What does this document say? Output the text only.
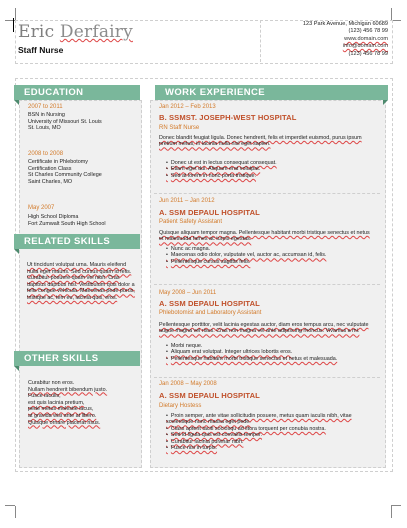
Eric Derfairy
Staff Nurse
123 Park Avenue, Michigan 60689
(123) 456 78 99
www.domain.com
info@domain.com
(123) 456 78 99
EDUCATION
2007 to 2011
BSN in Nursing
University of Missouri St. Louis
St. Louis, MO
2008 to 2008
Certificate in Phlebotomy
Certification Class
St Charles Community College
Saint Charles, MO
May 2007
High School Diploma
Fort Zumwalt South High School
RELATED SKILLS
Ut tincidunt volutpat urna. Mauris eleifend nulla eget mauris. Sed cursus quam id felis. Curabitur posuere quam vel nibh. Cras dapibus dapibus nisl. Vestibulum quis dolor a felis congue vehicula. Maecenas pede purus, tristique ac, tem eu, lacinia quis, eros.
OTHER SKILLS
Curabitur non eros.
Nullam hendrerit bibendum justo.
Fusce iaculis,
est quis lacinia pretium,
pede metus molestie lacus,
at gravida wisi ante at libero.
Quisque ornare placerat risus.
WORK EXPERIENCE
Jan 2012 – Feb 2013
B. SSMST. JOSEPH-WEST HOSPITAL
RN Staff Nurse
Donec blandit feugiat ligula. Donec hendrerit, felis et imperdiet euismod, purus ipsum pretium metus, in lacinia nulla nisl eget sapien.
• Donec ut est in lectus consequat consequat.
• Etiam eget dui. Aliquam erat volutpat.
• Sed at lorem in nunc porta tristique.
Jun 2011 – Jan 2012
A. SSM DEPAUL HOSPITAL
Patient Safety Assistant
Quisque aliquam tempor magna. Pellentesque habitant morbi tristique senectus et netus et malesuada fames ac turpis egestas.
• Nunc ac magna.
• Maecenas odio dolor, vulputate vel, auctor ac, accumsan id, felis.
• Pellentesque cursus sagittis felis.
May 2008 – Jun 2011
A. SSM DEPAUL HOSPITAL
Phlebotomist and Laboratory Assistant
Pellentesque porttitor, velit lacinia egestas auctor, diam eros tempus arcu, nec vulputate augue magna vel risus. Cras non magna vel ante adipiscing rhoncus. Vivamus a mi.
• Morbi neque.
• Aliquam erat volutpat. Integer ultrices lobortis eros.
• Pellentesque habitant morbi tristique senectus et netus et malesuada.
Jan 2008 – May 2008
A. SSM DEPAUL HOSPITAL
Dietary Hostess
• Proin semper, ante vitae sollicitudin posuere, metus quam iaculis nibh, vitae scelerisque nunc massa eget pede.
• Class aptent taciti sociosqu ad litora torquent per conubia nostra.
• Sed id ligula quis est convallis tempor.
• Curabitur lacinia pulvinar nibh.
• Fusce nisi in turpis.
